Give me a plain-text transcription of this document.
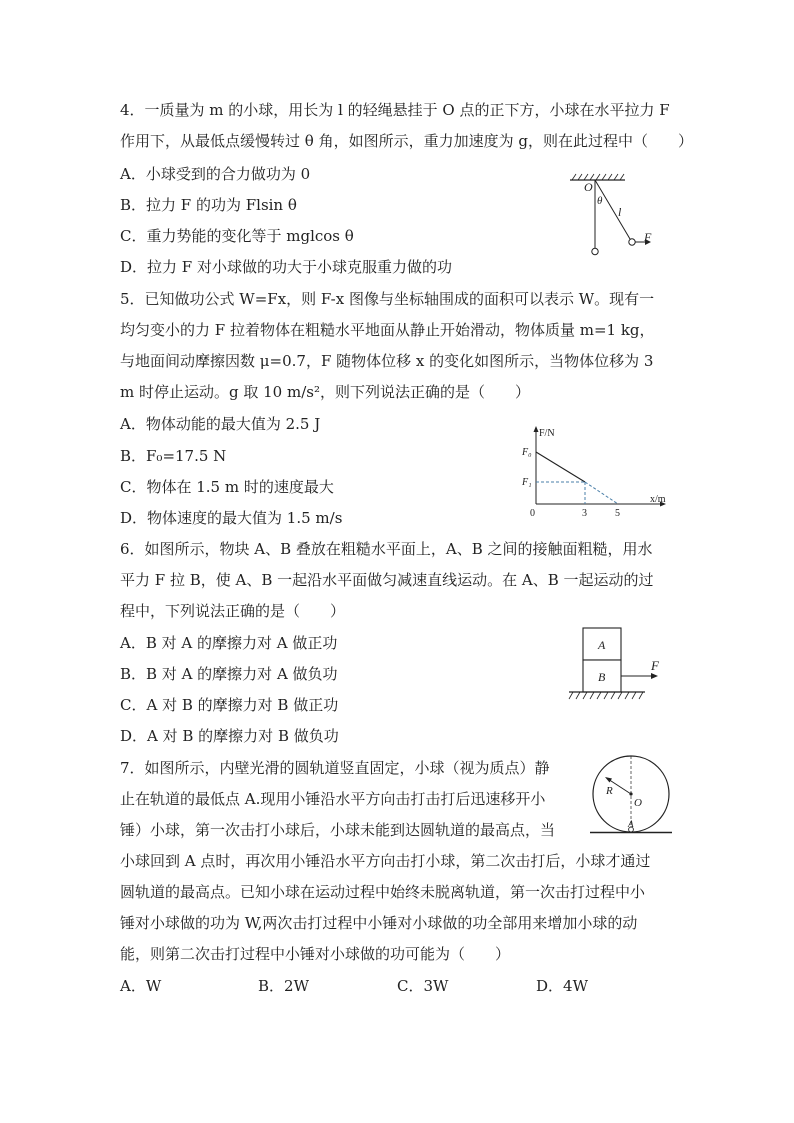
4．一质量为 m 的小球，用长为 l 的轻绳悬挂于 O 点的正下方，小球在水平拉力 F
作用下，从最低点缓慢转过 θ 角，如图所示，重力加速度为 g，则在此过程中（　　）
A．小球受到的合力做功为 0
B．拉力 F 的功为 Flsin θ
C．重力势能的变化等于 mglcos θ
D．拉力 F 对小球做的功大于小球克服重力做的功
O
θ
l
F
5．已知做功公式 W=Fx，则 F-x 图像与坐标轴围成的面积可以表示 W。现有一
均匀变小的力 F 拉着物体在粗糙水平地面从静止开始滑动，物体质量 m=1 kg，
与地面间动摩擦因数 μ=0.7，F 随物体位移 x 的变化如图所示，当物体位移为 3
m 时停止运动。g 取 10 m/s²，则下列说法正确的是（　　）
A．物体动能的最大值为 2.5 J
B．F₀=17.5 N
C．物体在 1.5 m 时的速度最大
D．物体速度的最大值为 1.5 m/s
F/N
x/m
F₀
F₁
0	3	5
6．如图所示，物块 A、B 叠放在粗糙水平面上，A、B 之间的接触面粗糙，用水
平力 F 拉 B，使 A、B 一起沿水平面做匀减速直线运动。在 A、B 一起运动的过
程中，下列说法正确的是（　　）
A．B 对 A 的摩擦力对 A 做正功
B．B 对 A 的摩擦力对 A 做负功
C．A 对 B 的摩擦力对 B 做正功
D．A 对 B 的摩擦力对 B 做负功
A
B
F
7．如图所示，内壁光滑的圆轨道竖直固定，小球（视为质点）静
止在轨道的最低点 A.现用小锤沿水平方向击打击打后迅速移开小
锤）小球，第一次击打小球后，小球未能到达圆轨道的最高点，当
小球回到 A 点时，再次用小锤沿水平方向击打小球，第二次击打后，小球才通过
圆轨道的最高点。已知小球在运动过程中始终未脱离轨道，第一次击打过程中小
锤对小球做的功为 W,两次击打过程中小锤对小球做的功全部用来增加小球的动
能，则第二次击打过程中小锤对小球做的功可能为（　　）
A．W	B．2W	C．3W	D．4W
R
O
A
